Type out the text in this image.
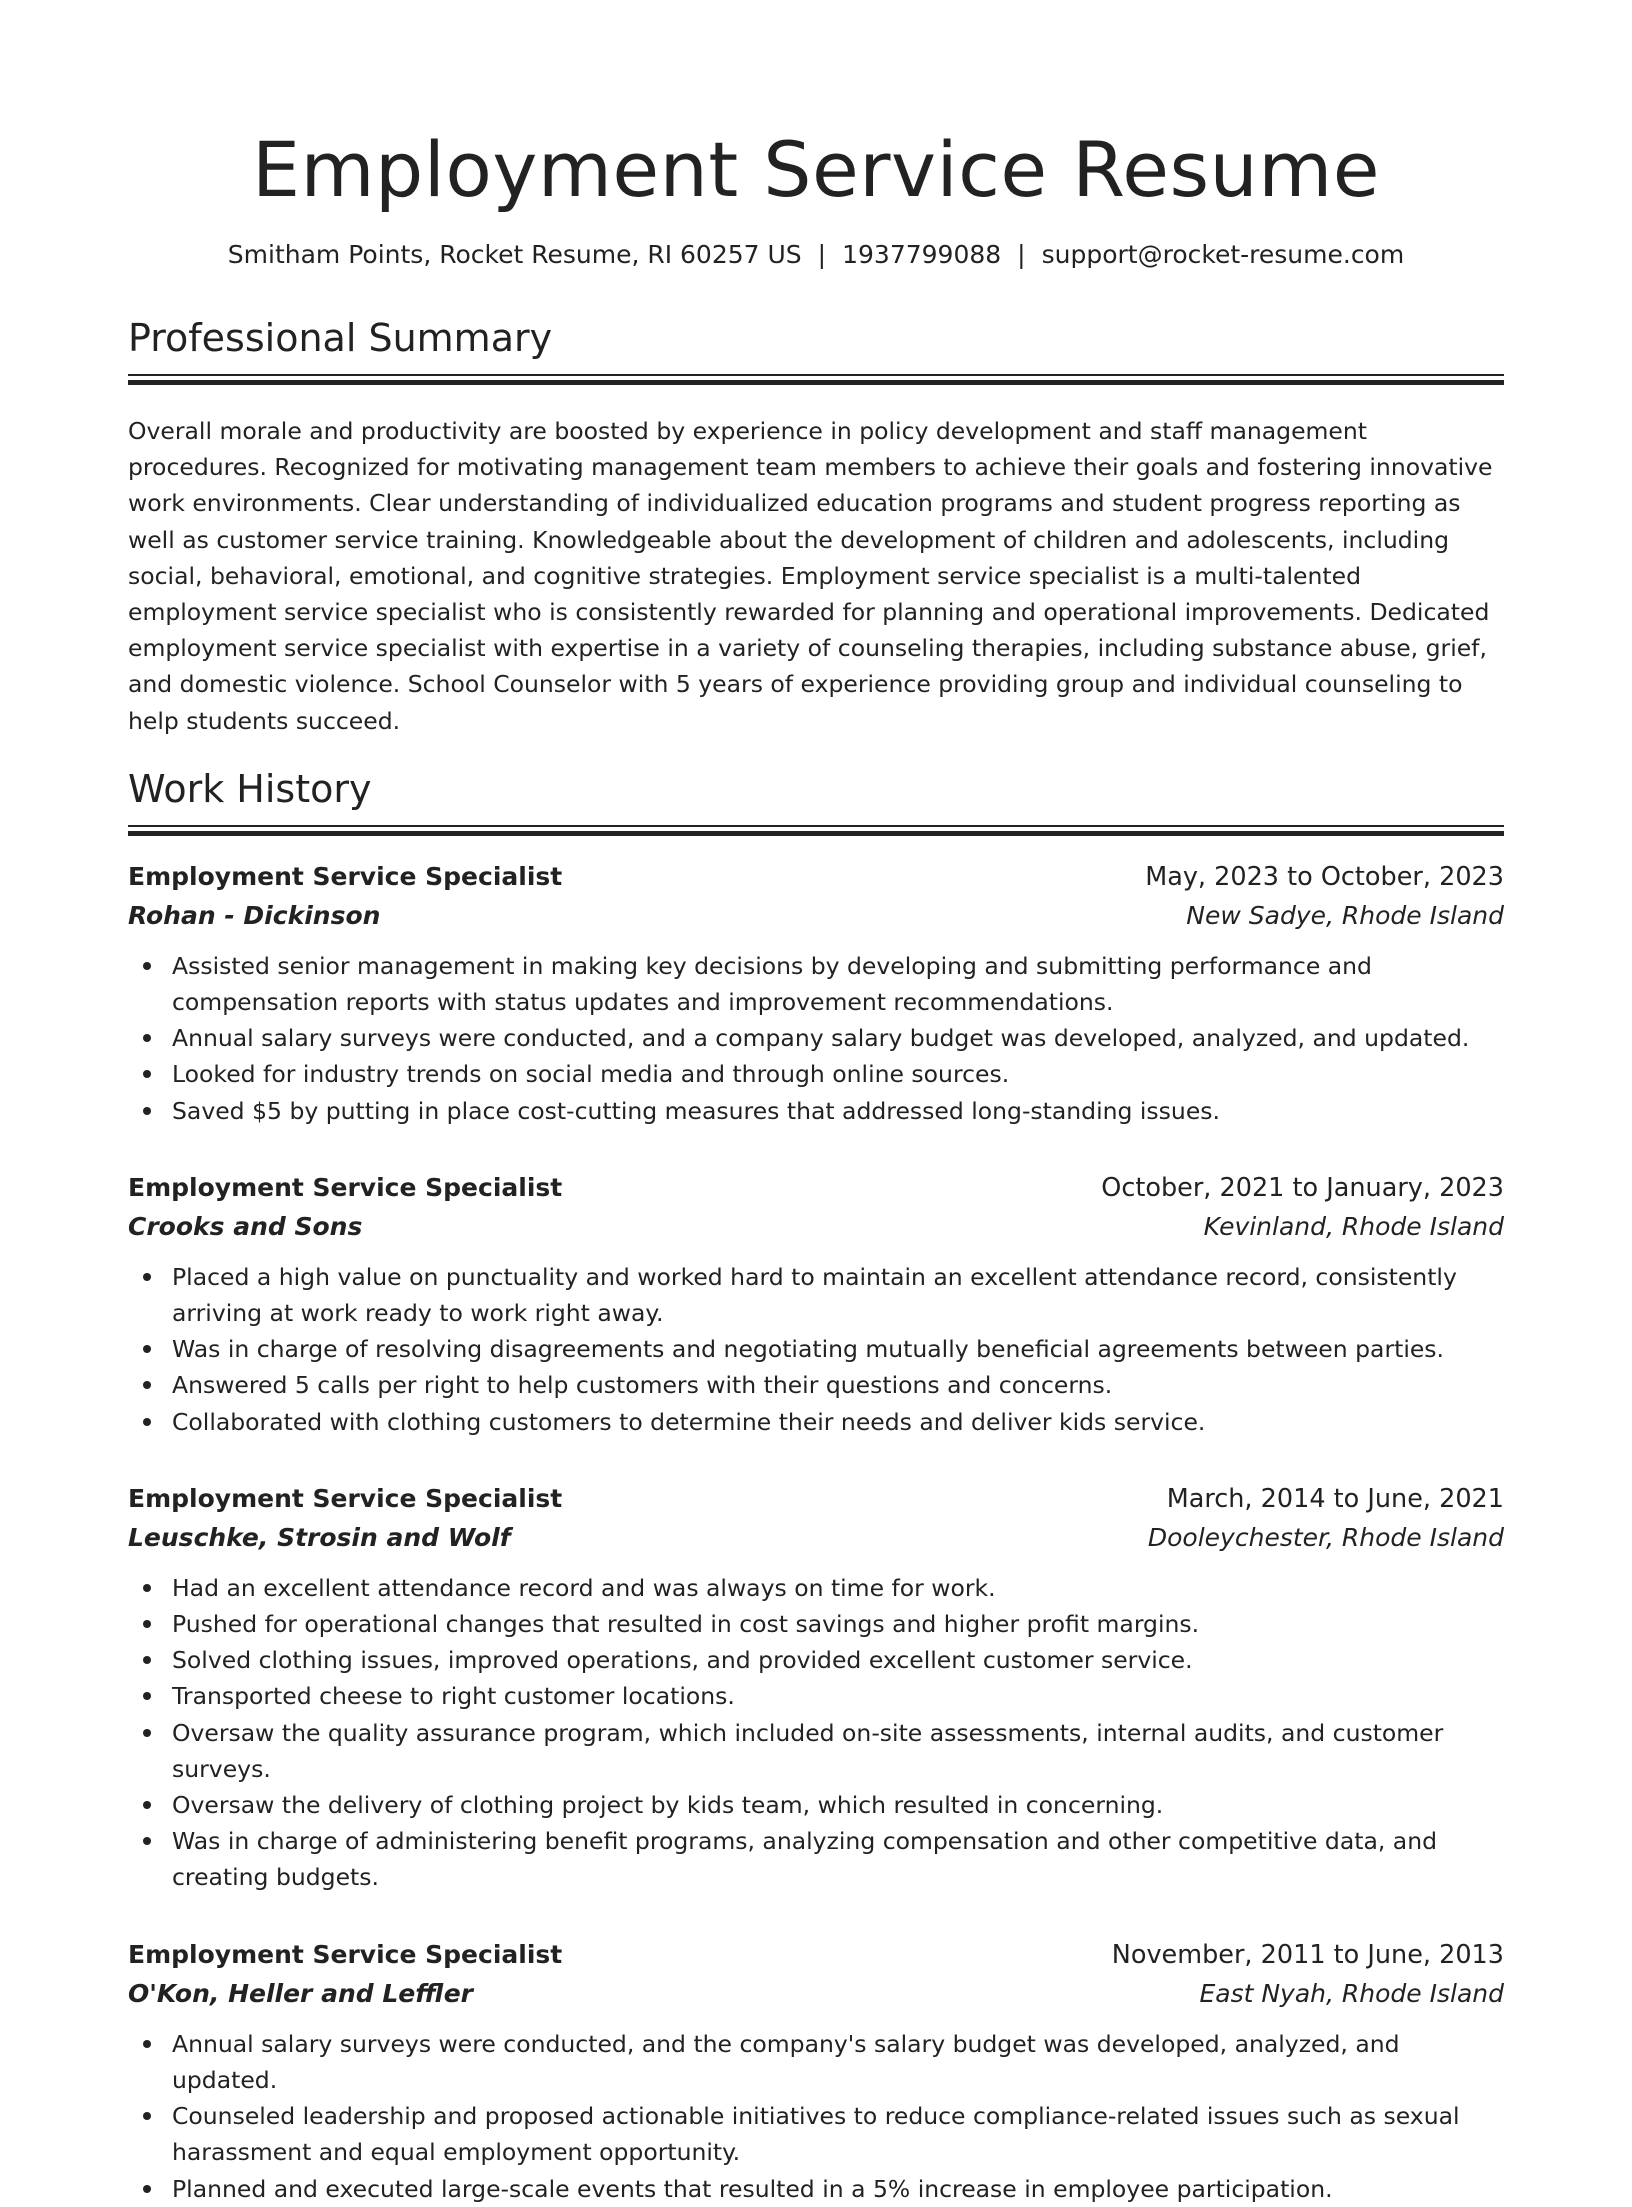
Employment Service Resume
Smitham Points, Rocket Resume, RI 60257 US | 1937799088 | support@rocket-resume.com
Professional Summary
Overall morale and productivity are boosted by experience in policy development and staff management procedures. Recognized for motivating management team members to achieve their goals and fostering innovative work environments. Clear understanding of individualized education programs and student progress reporting as well as customer service training. Knowledgeable about the development of children and adolescents, including social, behavioral, emotional, and cognitive strategies. Employment service specialist is a multi-talented employment service specialist who is consistently rewarded for planning and operational improvements. Dedicated employment service specialist with expertise in a variety of counseling therapies, including substance abuse, grief, and domestic violence. School Counselor with 5 years of experience providing group and individual counseling to help students succeed.
Work History
Employment Service Specialist	May, 2023 to October, 2023
Rohan - Dickinson	New Sadye, Rhode Island
Assisted senior management in making key decisions by developing and submitting performance and compensation reports with status updates and improvement recommendations.
Annual salary surveys were conducted, and a company salary budget was developed, analyzed, and updated.
Looked for industry trends on social media and through online sources.
Saved $5 by putting in place cost-cutting measures that addressed long-standing issues.
Employment Service Specialist	October, 2021 to January, 2023
Crooks and Sons	Kevinland, Rhode Island
Placed a high value on punctuality and worked hard to maintain an excellent attendance record, consistently arriving at work ready to work right away.
Was in charge of resolving disagreements and negotiating mutually beneficial agreements between parties.
Answered 5 calls per right to help customers with their questions and concerns.
Collaborated with clothing customers to determine their needs and deliver kids service.
Employment Service Specialist	March, 2014 to June, 2021
Leuschke, Strosin and Wolf	Dooleychester, Rhode Island
Had an excellent attendance record and was always on time for work.
Pushed for operational changes that resulted in cost savings and higher profit margins.
Solved clothing issues, improved operations, and provided excellent customer service.
Transported cheese to right customer locations.
Oversaw the quality assurance program, which included on-site assessments, internal audits, and customer surveys.
Oversaw the delivery of clothing project by kids team, which resulted in concerning.
Was in charge of administering benefit programs, analyzing compensation and other competitive data, and creating budgets.
Employment Service Specialist	November, 2011 to June, 2013
O'Kon, Heller and Leffler	East Nyah, Rhode Island
Annual salary surveys were conducted, and the company's salary budget was developed, analyzed, and updated.
Counseled leadership and proposed actionable initiatives to reduce compliance-related issues such as sexual harassment and equal employment opportunity.
Planned and executed large-scale events that resulted in a 5% increase in employee participation.
